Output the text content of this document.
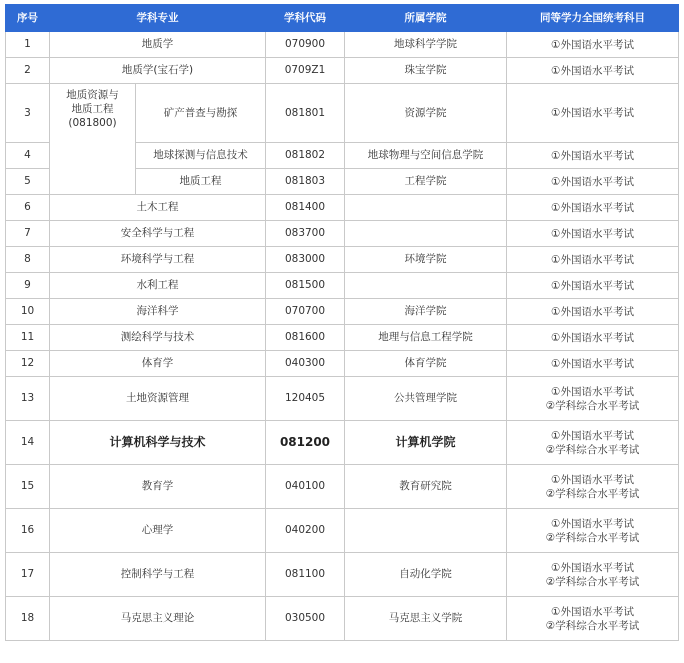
序号	学科专业		学科代码	所属学院	同等学力全国统考科目
1	地质学		070900	地球科学学院	①外国语水平考试

2	地质学(宝石学)		0709Z1	珠宝学院	①外国语水平考试

3	地质资源与
地质工程
(081800)	矿产普查与勘探	081801	资源学院	①外国语水平考试

4		地球探测与信息技术	081802	地球物理与空间信息学院	①外国语水平考试

5		地质工程	081803	工程学院	①外国语水平考试

6	土木工程		081400		①外国语水平考试

7	安全科学与工程		083700		①外国语水平考试

8	环境科学与工程		083000	环境学院	①外国语水平考试

9	水利工程		081500		①外国语水平考试

10	海洋科学		070700	海洋学院	①外国语水平考试

11	测绘科学与技术		081600	地理与信息工程学院	①外国语水平考试

12	体育学		040300	体育学院	①外国语水平考试

13	土地资源管理		120405	公共管理学院	①外国语水平考试
②学科综合水平考试

14	计算机科学与技术		081200	计算机学院	①外国语水平考试
②学科综合水平考试

15	教育学		040100	教育研究院	①外国语水平考试
②学科综合水平考试

16	心理学		040200		①外国语水平考试
②学科综合水平考试

17	控制科学与工程		081100	自动化学院	①外国语水平考试
②学科综合水平考试

18	马克思主义理论		030500	马克思主义学院	①外国语水平考试
②学科综合水平考试
